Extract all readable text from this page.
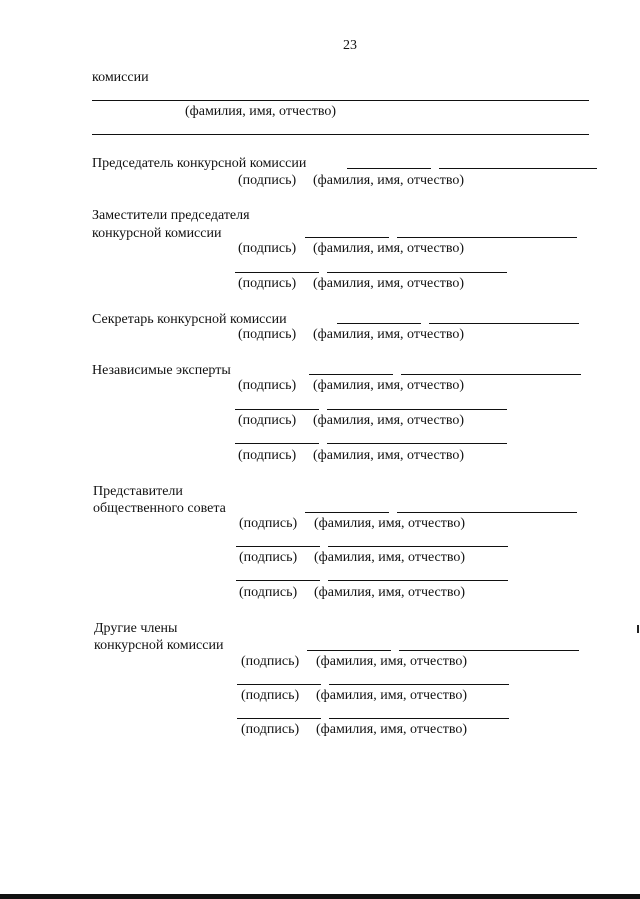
23
комиссии
(фамилия, имя, отчество)
Председатель конкурсной комиссии
(подпись) (фамилия, имя, отчество)
Заместители председателя
конкурсной комиссии
(подпись) (фамилия, имя, отчество)
(подпись) (фамилия, имя, отчество)
Секретарь конкурсной комиссии
(подпись) (фамилия, имя, отчество)
Независимые эксперты
(подпись) (фамилия, имя, отчество)
(подпись) (фамилия, имя, отчество)
(подпись) (фамилия, имя, отчество)
Представители
общественного совета
(подпись) (фамилия, имя, отчество)
(подпись) (фамилия, имя, отчество)
(подпись) (фамилия, имя, отчество)
Другие члены
конкурсной комиссии
(подпись) (фамилия, имя, отчество)
(подпись) (фамилия, имя, отчество)
(подпись) (фамилия, имя, отчество)
